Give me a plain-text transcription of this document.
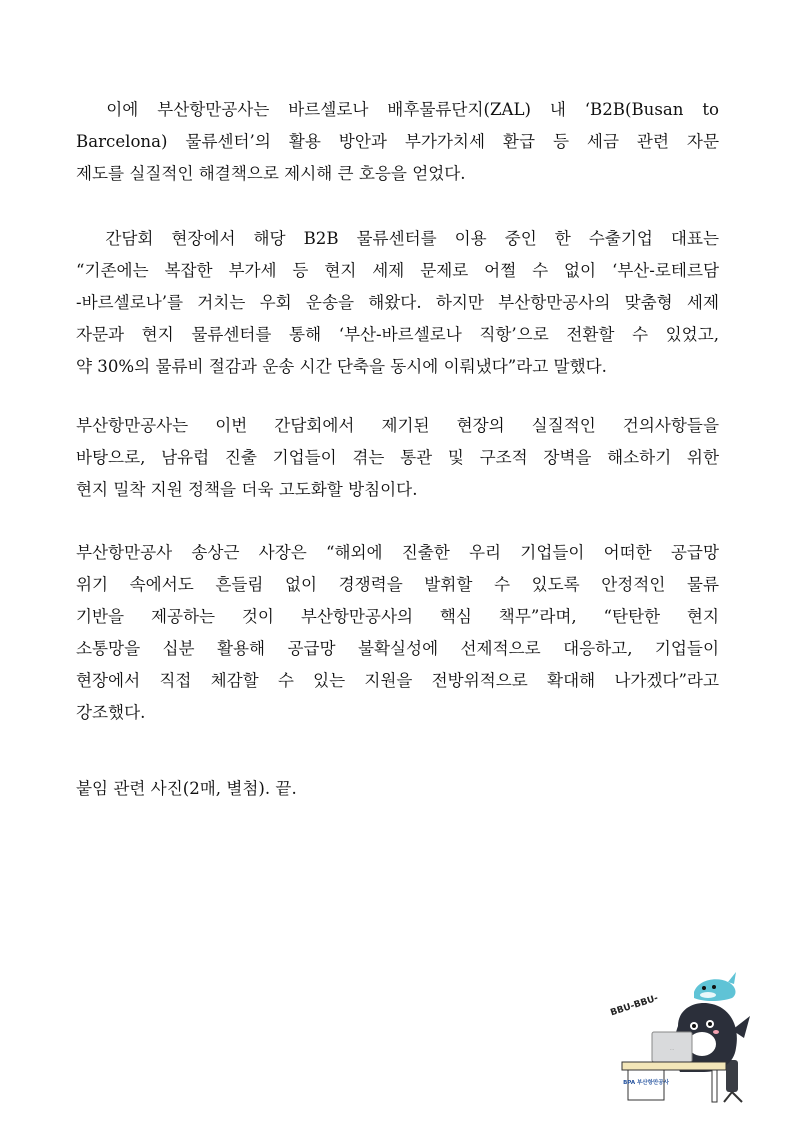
　이에 부산항만공사는 바르셀로나 배후물류단지(ZAL) 내 ‘B2B(Busan to
Barcelona) 물류센터’의 활용 방안과 부가가치세 환급 등 세금 관련 자문
제도를 실질적인 해결책으로 제시해 큰 호응을 얻었다.

　간담회 현장에서 해당 B2B 물류센터를 이용 중인 한 수출기업 대표는
“기존에는 복잡한 부가세 등 현지 세제 문제로 어쩔 수 없이 ‘부산-로테르담
-바르셀로나’를 거치는 우회 운송을 해왔다. 하지만 부산항만공사의 맞춤형 세제
자문과 현지 물류센터를 통해 ‘부산-바르셀로나 직항’으로 전환할 수 있었고,
약 30%의 물류비 절감과 운송 시간 단축을 동시에 이뤄냈다”라고 말했다.

부산항만공사는 이번 간담회에서 제기된 현장의 실질적인 건의사항들을
바탕으로, 남유럽 진출 기업들이 겪는 통관 및 구조적 장벽을 해소하기 위한
현지 밀착 지원 정책을 더욱 고도화할 방침이다.

부산항만공사 송상근 사장은 “해외에 진출한 우리 기업들이 어떠한 공급망
위기 속에서도 흔들림 없이 경쟁력을 발휘할 수 있도록 안정적인 물류
기반을 제공하는 것이 부산항만공사의 핵심 책무”라며, “탄탄한 현지
소통망을 십분 활용해 공급망 불확실성에 선제적으로 대응하고, 기업들이
현장에서 직접 체감할 수 있는 지원을 전방위적으로 확대해 나가겠다”라고
강조했다.

붙임 관련 사진(2매, 별첨). 끝.

BBU-BBU-
...
BPA 부산항만공사
